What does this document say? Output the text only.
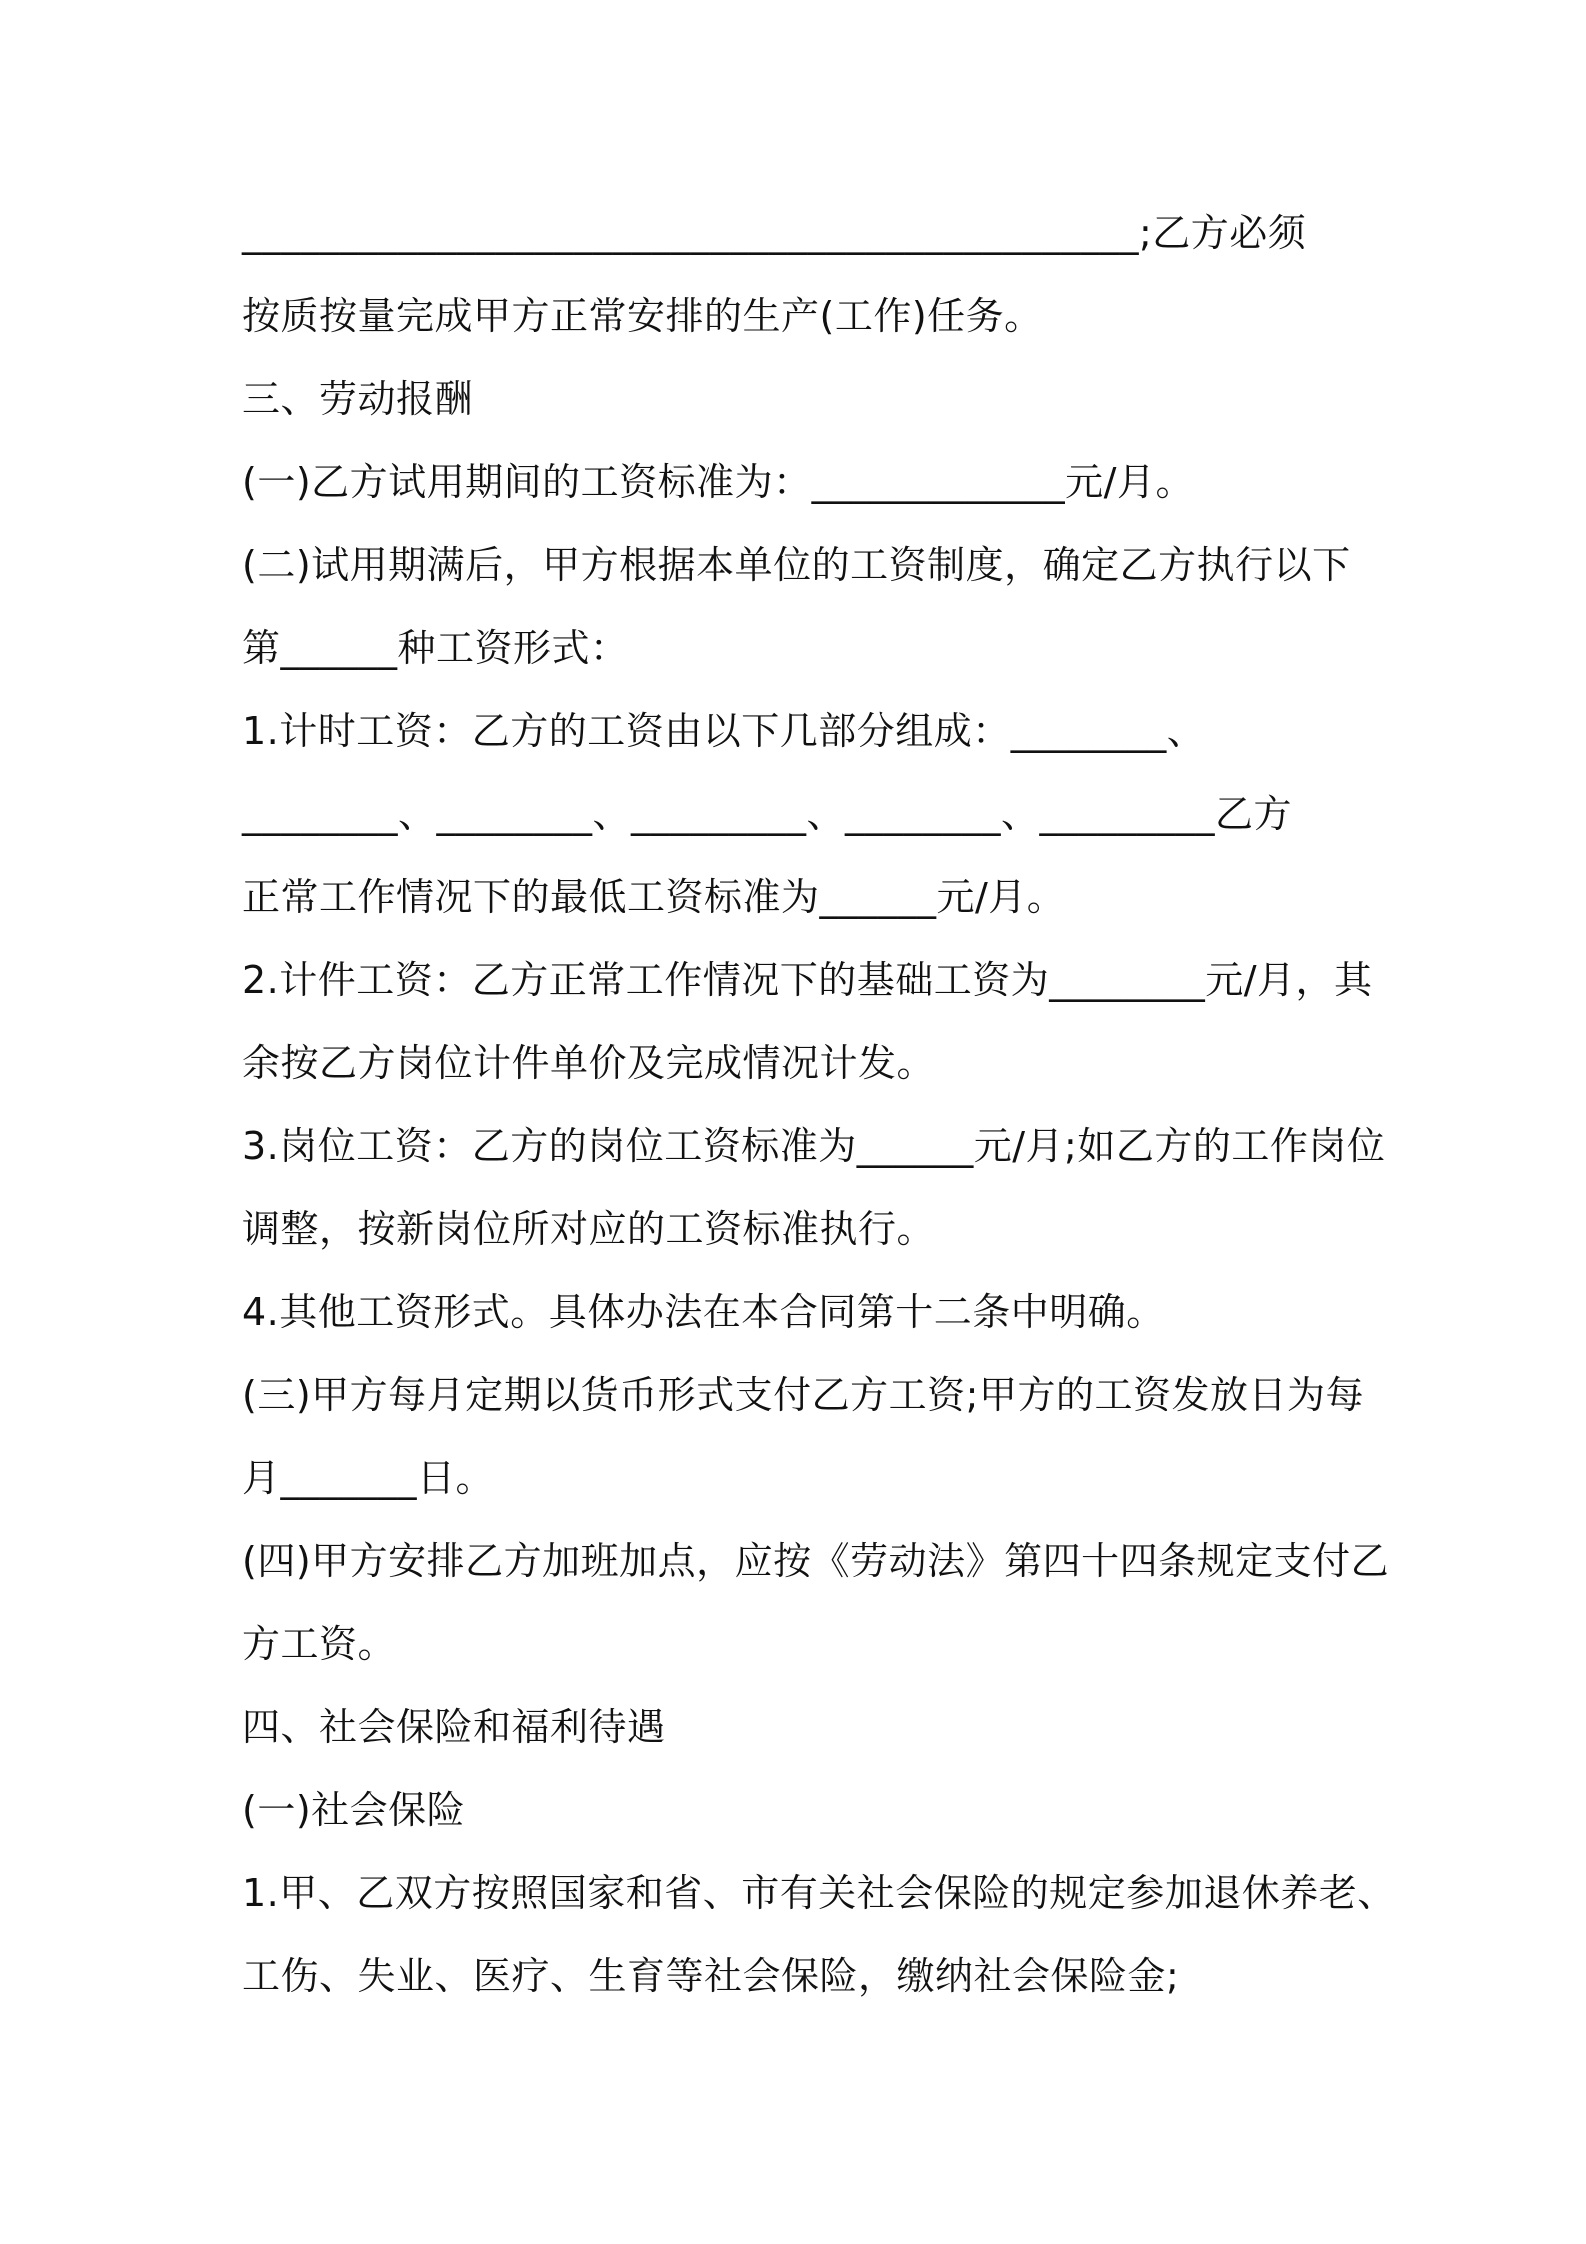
______________________________________________;乙方必须
按质按量完成甲方正常安排的生产(工作)任务。
三、劳动报酬
(一)乙方试用期间的工资标准为：_____________元/月。
(二)试用期满后，甲方根据本单位的工资制度，确定乙方执行以下
第______种工资形式：
1.计时工资：乙方的工资由以下几部分组成：________、
________、________、_________、________、_________乙方
正常工作情况下的最低工资标准为______元/月。
2.计件工资：乙方正常工作情况下的基础工资为________元/月，其
余按乙方岗位计件单价及完成情况计发。
3.岗位工资：乙方的岗位工资标准为______元/月;如乙方的工作岗位
调整，按新岗位所对应的工资标准执行。
4.其他工资形式。具体办法在本合同第十二条中明确。
(三)甲方每月定期以货币形式支付乙方工资;甲方的工资发放日为每
月_______日。
(四)甲方安排乙方加班加点，应按《劳动法》第四十四条规定支付乙
方工资。
四、社会保险和福利待遇
(一)社会保险
1.甲、乙双方按照国家和省、市有关社会保险的规定参加退休养老、
工伤、失业、医疗、生育等社会保险，缴纳社会保险金;
